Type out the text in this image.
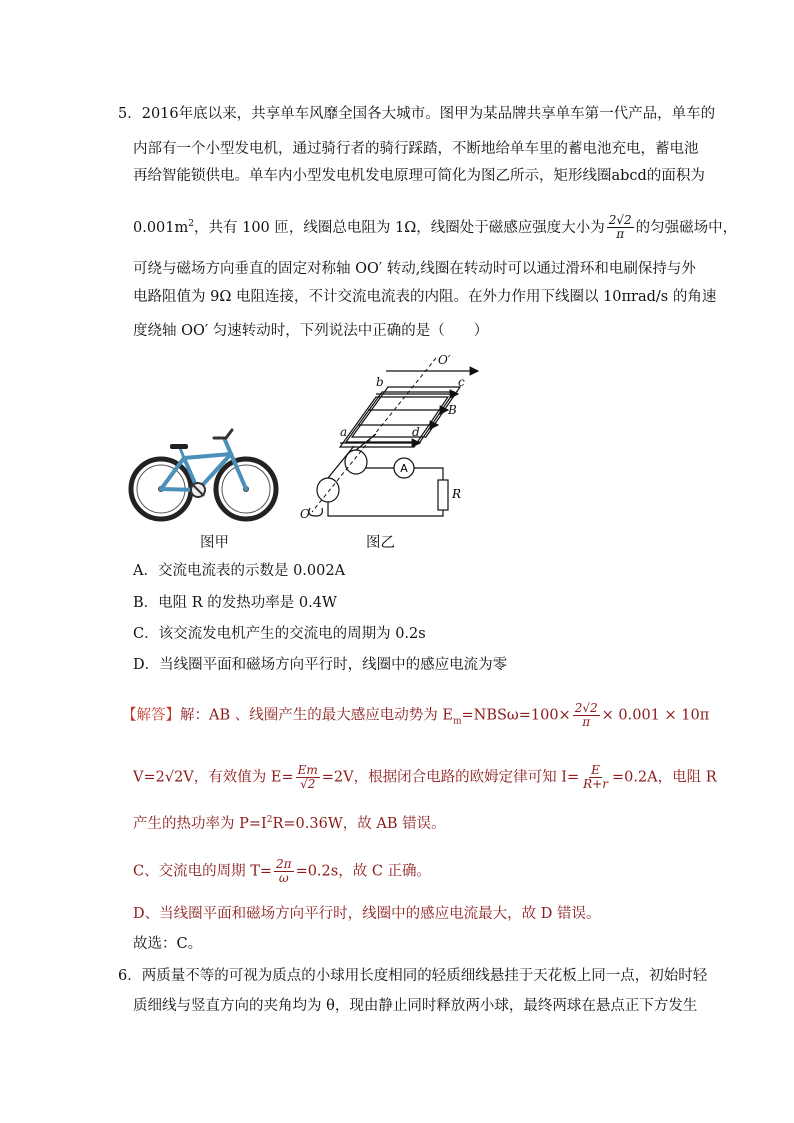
5．2016年底以来，共享单车风靡全国各大城市。图甲为某品牌共享单车第一代产品，单车的
内部有一个小型发电机，通过骑行者的骑行踩踏，不断地给单车里的蓄电池充电，蓄电池
再给智能锁供电。单车内小型发电机发电原理可简化为图乙所示，矩形线圈abcd的面积为
$0.001m^2$，共有 100 匝，线圈总电阻为 1Ω，线圈处于磁感应强度大小为 $\frac{2√2}{\pi}$ 的匀强磁场中，
可绕与磁场方向垂直的固定对称轴 OO′ 转动,线圈在转动时可以通过滑环和电刷保持与外
电路阻值为 9Ω 电阻连接，不计交流电流表的内阻。在外力作用下线圈以 10πrad/s 的角速
度绕轴 OO′ 匀速转动时，下列说法中正确的是（　　）
图甲
A
R
O′
b	c
B
a	d
O
图乙
A．交流电流表的示数是 0.002A
B．电阻 R 的发热功率是 0.4W
C．该交流发电机产生的交流电的周期为 0.2s
D．当线圈平面和磁场方向平行时，线圈中的感应电流为零
【解答】解：AB 、线圈产生的最大感应电动势为 $E_m=NBS\omega=100\times \frac{2√2}{\pi} \times 0.001 \times 10\pi$
V=2√2V，有效值为 $E= \frac{Em}{√2} =2V$，根据闭合电路的欧姆定律可知 $I= \frac{E}{R+r} =0.2A$，电阻 R
产生的热功率为 $P=I^2R=0.36W$，故 AB 错误。
C、交流电的周期 $T= \frac{2\pi}{\omega} =0.2s$，故 C 正确。
D、当线圈平面和磁场方向平行时，线圈中的感应电流最大，故 D 错误。
故选：C。
6．两质量不等的可视为质点的小球用长度相同的轻质细线悬挂于天花板上同一点，初始时轻
质细线与竖直方向的夹角均为 θ，现由静止同时释放两小球，最终两球在悬点正下方发生
